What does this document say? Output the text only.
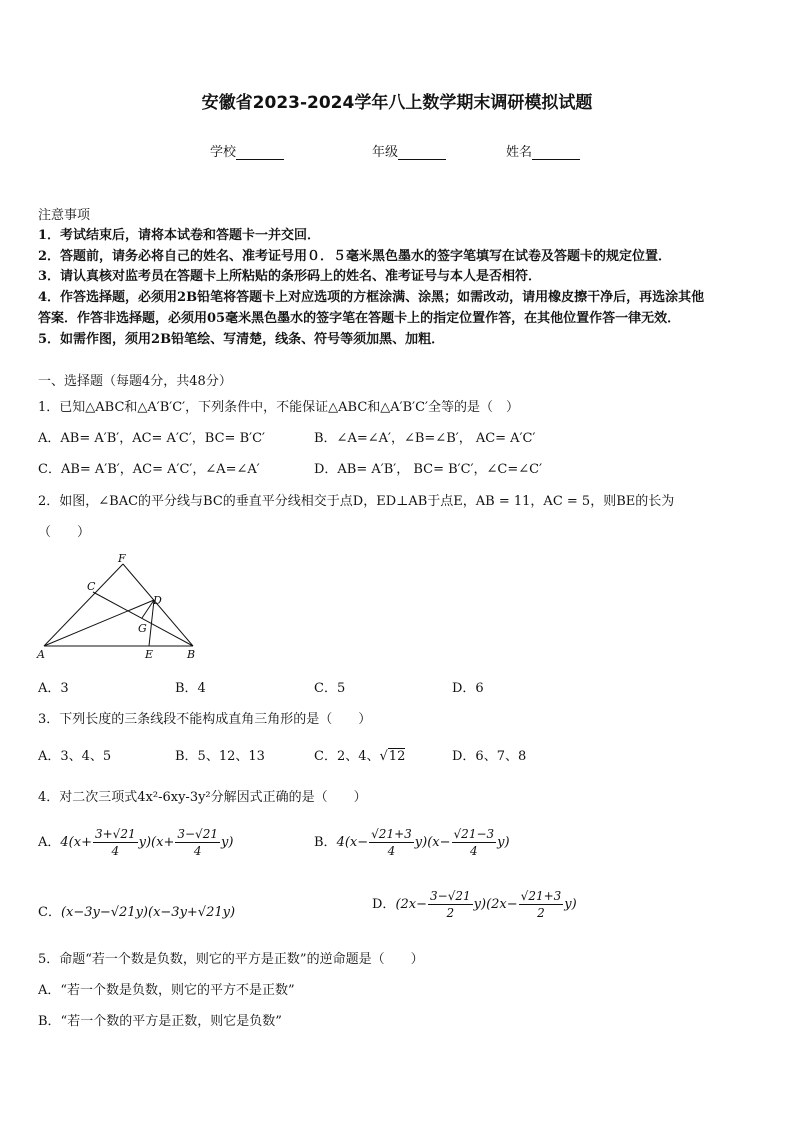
安徽省2023-2024学年八上数学期末调研模拟试题
学校	年级	姓名
注意事项
1．考试结束后，请将本试卷和答题卡一并交回．
2．答题前，请务必将自己的姓名、准考证号用０．５毫米黑色墨水的签字笔填写在试卷及答题卡的规定位置．
3．请认真核对监考员在答题卡上所粘贴的条形码上的姓名、准考证号与本人是否相符．
4．作答选择题，必须用2B铅笔将答题卡上对应选项的方框涂满、涂黑；如需改动，请用橡皮擦干净后，再选涂其他
答案．作答非选择题，必须用05毫米黑色墨水的签字笔在答题卡上的指定位置作答，在其他位置作答一律无效．
5．如需作图，须用2B铅笔绘、写清楚，线条、符号等须加黑、加粗．
一、选择题（每题4分，共48分）
1．已知△ABC和△A′B′C′，下列条件中，不能保证△ABC和△A′B′C′全等的是（　）
A．AB= A′B′，AC= A′C′，BC= B′C′	B．∠A=∠A′，∠B=∠B′， AC= A′C′
C．AB= A′B′，AC= A′C′，∠A=∠A′	D．AB= A′B′， BC= B′C′，∠C=∠C′
2．如图，∠BAC的平分线与BC的垂直平分线相交于点D，ED⊥AB于点E，AB = 11，AC = 5，则BE的长为
（　　）
F
C
D
G
A	E	B
A．3	B．4	C．5	D．6
3．下列长度的三条线段不能构成直角三角形的是（　　）
A．3、4、5	B．5、12、13	C．2、4、√12	D．6、7、8
4．对二次三项式4x²-6xy-3y²分解因式正确的是（　　）
A．$4(x+ \frac{3+√21}{4} y)(x+ \frac{3-√21}{4} y)$	B．$4(x- \frac{√21+3}{4} y)(x- \frac{√21-3}{4} y)$
C．(x−3y−√21y)(x−3y+√21y)
D．$(2x- \frac{3-√21}{2} y)(2x- \frac{√21+3}{2} y)$
5．命题“若一个数是负数，则它的平方是正数”的逆命题是（　　）
A．“若一个数是负数，则它的平方不是正数”
B．“若一个数的平方是正数，则它是负数”
